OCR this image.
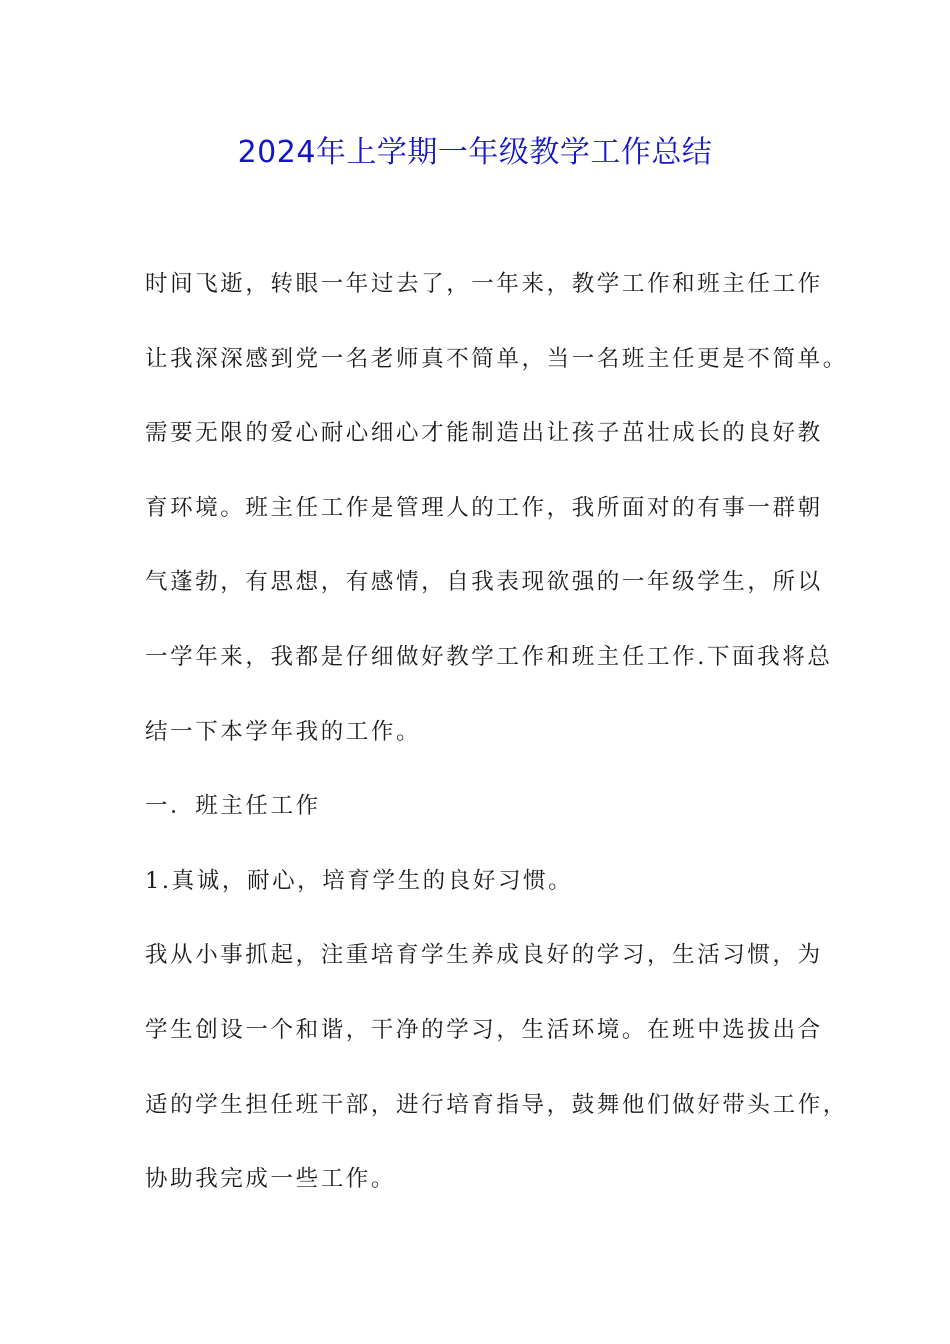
2024年上学期一年级教学工作总结
时间飞逝，转眼一年过去了，一年来，教学工作和班主任工作
让我深深感到党一名老师真不简单，当一名班主任更是不简单。
需要无限的爱心耐心细心才能制造出让孩子茁壮成长的良好教
育环境。班主任工作是管理人的工作，我所面对的有事一群朝
气蓬勃，有思想，有感情，自我表现欲强的一年级学生，所以
一学年来，我都是仔细做好教学工作和班主任工作.下面我将总
结一下本学年我的工作。
一．班主任工作
1.真诚，耐心，培育学生的良好习惯。
我从小事抓起，注重培育学生养成良好的学习，生活习惯，为
学生创设一个和谐，干净的学习，生活环境。在班中选拔出合
适的学生担任班干部，进行培育指导，鼓舞他们做好带头工作，
协助我完成一些工作。
